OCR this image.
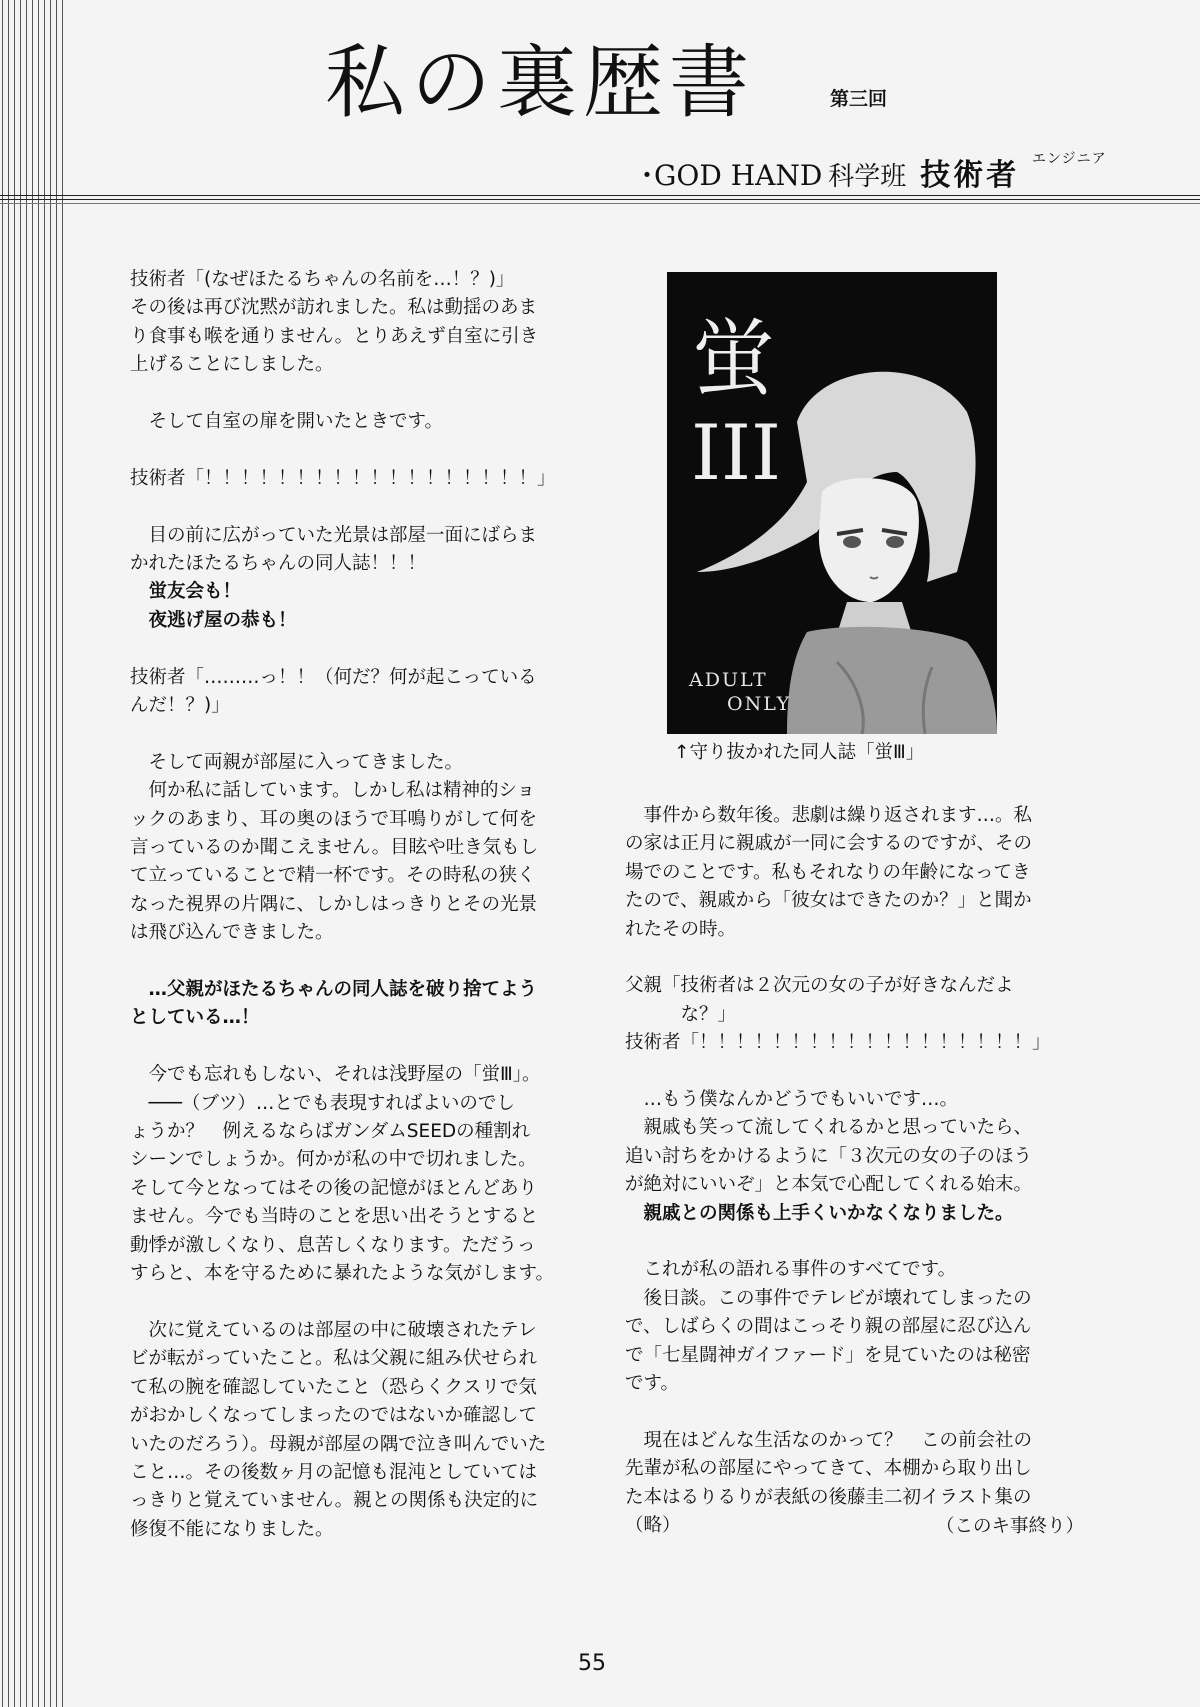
私の裏歴書	第三回
エンジニア
･GOD HAND 科学班 技術者

技術者「(なぜほたるちゃんの名前を…！？)」

その後は再び沈黙が訪れました。私は動揺のあま

り食事も喉を通りません。とりあえず自室に引き

上げることにしました。

　そして自室の扉を開いたときです。

技術者「！！！！！！！！！！！！！！！！！！」

　目の前に広がっていた光景は部屋一面にばらま

かれたほたるちゃんの同人誌！！！

　蛍友会も！

　夜逃げ屋の恭も！

技術者「………っ！！（何だ？何が起こっている

んだ！？)」

　そして両親が部屋に入ってきました。

　何か私に話しています。しかし私は精神的ショ

ックのあまり、耳の奥のほうで耳鳴りがして何を

言っているのか聞こえません。目眩や吐き気もし

て立っていることで精一杯です。その時私の狭く

なった視界の片隅に、しかしはっきりとその光景

は飛び込んできました。

　…父親がほたるちゃんの同人誌を破り捨てよう

としている…！

　今でも忘れもしない、それは浅野屋の「蛍Ⅲ」。

　───（ブツ）…とでも表現すればよいのでし

ょうか？　例えるならばガンダムSEEDの種割れ

シーンでしょうか。何かが私の中で切れました。

そして今となってはその後の記憶がほとんどあり

ません。今でも当時のことを思い出そうとすると

動悸が激しくなり、息苦しくなります。ただうっ

すらと、本を守るために暴れたような気がします。

　次に覚えているのは部屋の中に破壊されたテレ

ビが転がっていたこと。私は父親に組み伏せられ

て私の腕を確認していたこと（恐らくクスリで気

がおかしくなってしまったのではないか確認して

いたのだろう）。母親が部屋の隅で泣き叫んでいた

こと…。その後数ヶ月の記憶も混沌としていては

っきりと覚えていません。親との関係も決定的に

修復不能になりました。

蛍
III
ADULT
ONLY
↑守り抜かれた同人誌「蛍Ⅲ」

　事件から数年後。悲劇は繰り返されます…。私

の家は正月に親戚が一同に会するのですが、その

場でのことです。私もそれなりの年齢になってき

たので、親戚から「彼女はできたのか？」と聞か

れたその時。

父親「技術者は２次元の女の子が好きなんだよ

　　　な？」

技術者「！！！！！！！！！！！！！！！！！！」

　…もう僕なんかどうでもいいです…。

　親戚も笑って流してくれるかと思っていたら、

追い討ちをかけるように「３次元の女の子のほう

が絶対にいいぞ」と本気で心配してくれる始末。

　親戚との関係も上手くいかなくなりました。

　これが私の語れる事件のすべてです。

　後日談。この事件でテレビが壊れてしまったの

で、しばらくの間はこっそり親の部屋に忍び込ん

で「七星闘神ガイファード」を見ていたのは秘密

です。

　現在はどんな生活なのかって？　この前会社の

先輩が私の部屋にやってきて、本棚から取り出し

た本はるりるりが表紙の後藤圭二初イラスト集の

（略）	（このキ事終り）
55
